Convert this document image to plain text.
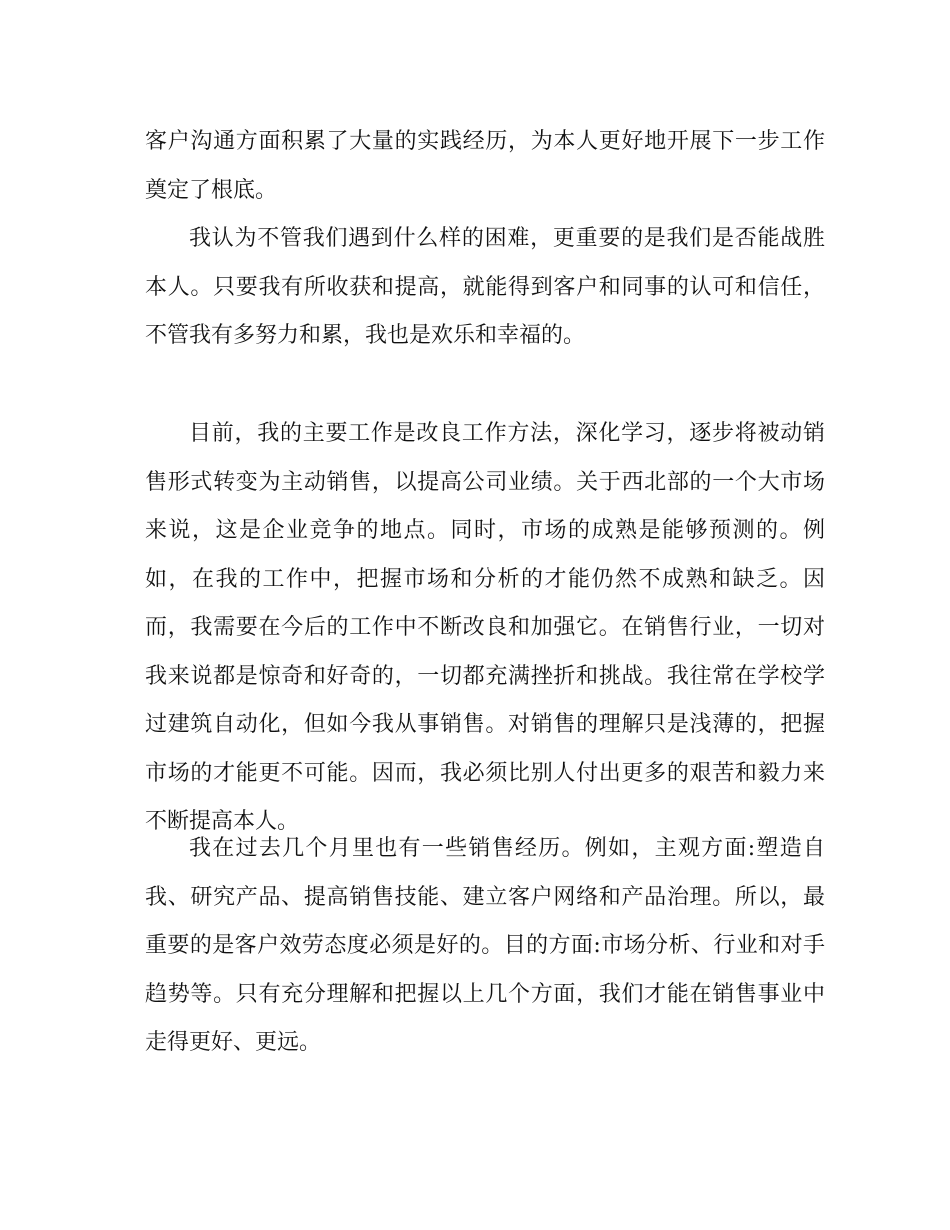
客户沟通方面积累了大量的实践经历，为本人更好地开展下一步工作奠定了根底。

我认为不管我们遇到什么样的困难，更重要的是我们是否能战胜本人。只要我有所收获和提高，就能得到客户和同事的认可和信任，不管我有多努力和累，我也是欢乐和幸福的。

目前，我的主要工作是改良工作方法，深化学习，逐步将被动销售形式转变为主动销售，以提高公司业绩。关于西北部的一个大市场来说，这是企业竞争的地点。同时，市场的成熟是能够预测的。例如，在我的工作中，把握市场和分析的才能仍然不成熟和缺乏。因而，我需要在今后的工作中不断改良和加强它。在销售行业，一切对我来说都是惊奇和好奇的，一切都充满挫折和挑战。我往常在学校学过建筑自动化，但如今我从事销售。对销售的理解只是浅薄的，把握市场的才能更不可能。因而，我必须比别人付出更多的艰苦和毅力来不断提高本人。

我在过去几个月里也有一些销售经历。例如，主观方面:塑造自我、研究产品、提高销售技能、建立客户网络和产品治理。所以，最重要的是客户效劳态度必须是好的。目的方面:市场分析、行业和对手趋势等。只有充分理解和把握以上几个方面，我们才能在销售事业中走得更好、更远。
